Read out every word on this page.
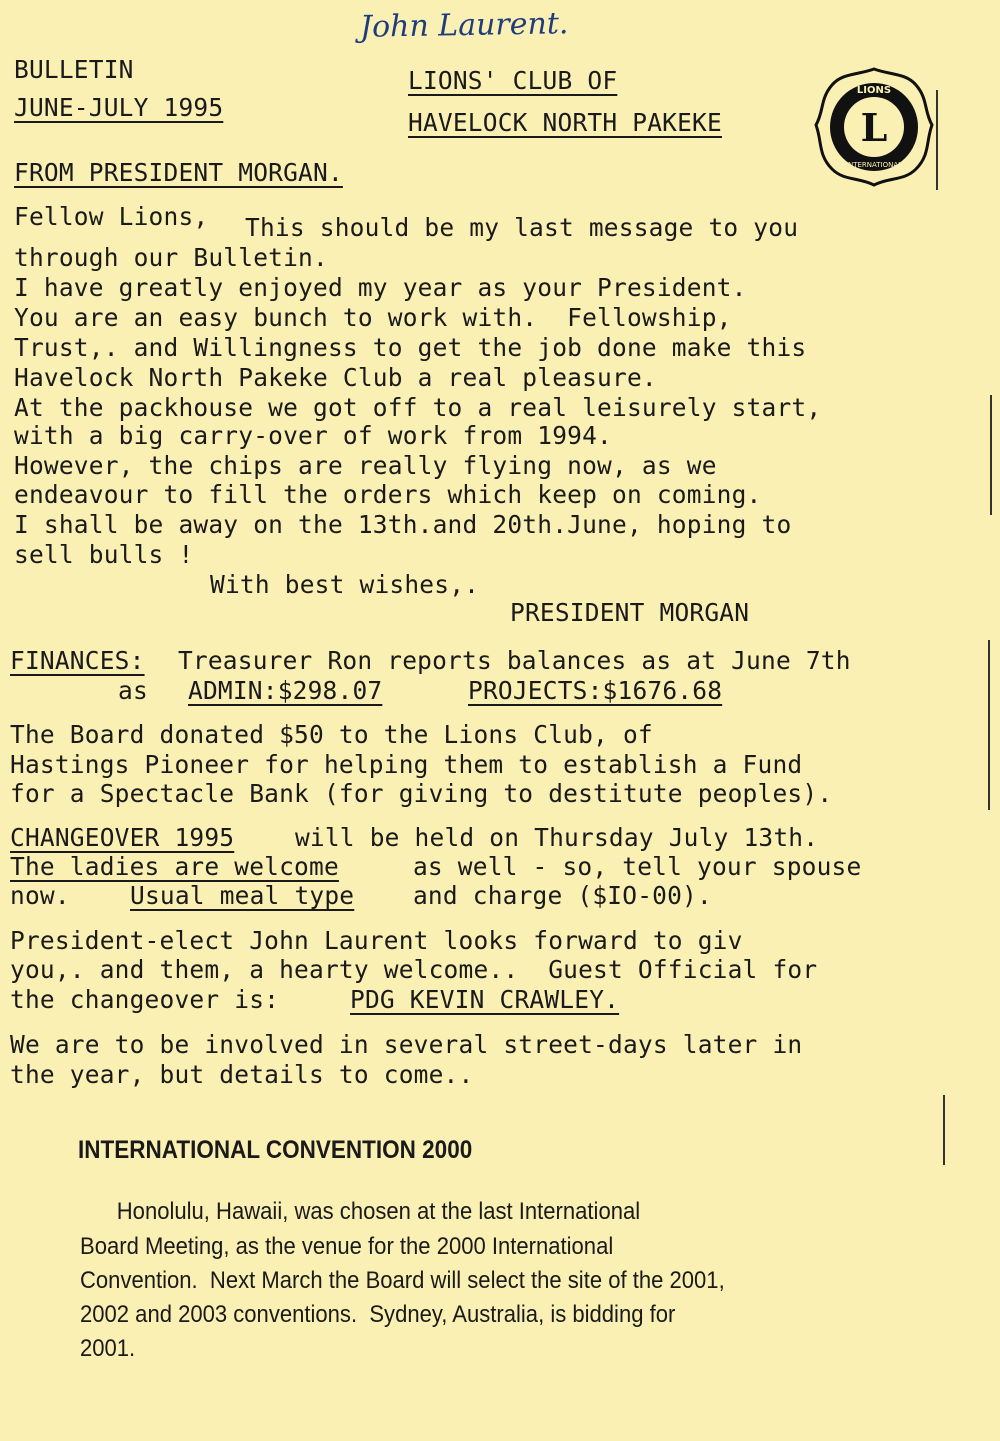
John Laurent.
BULLETIN
JUNE-JULY 1995
LIONS' CLUB OF
HAVELOCK NORTH PAKEKE	L
LIONS
INTERNATIONAL
FROM PRESIDENT MORGAN.
Fellow Lions, This should be my last message to you
through our Bulletin.
I have greatly enjoyed my year as your President.
You are an easy bunch to work with.  Fellowship,
Trust,. and Willingness to get the job done make this
Havelock North Pakeke Club a real pleasure.
At the packhouse we got off to a real leisurely start,
with a big carry-over of work from 1994.
However, the chips are really flying now, as we
endeavour to fill the orders which keep on coming.
I shall be away on the 13th.and 20th.June, hoping to
sell bulls !
With best wishes,.
PRESIDENT MORGAN
FINANCES: Treasurer Ron reports balances as at June 7th
as ADMIN:$298.07	PROJECTS:$1676.68
The Board donated $50 to the Lions Club, of
Hastings Pioneer for helping them to establish a Fund
for a Spectacle Bank (for giving to destitute peoples).
CHANGEOVER 1995 will be held on Thursday July 13th.
The ladies are welcome as well - so, tell your spouse
now. Usual meal type and charge ($IO-00).
President-elect John Laurent looks forward to giv
you,. and them, a hearty welcome..  Guest Official for
the changeover is: PDG KEVIN CRAWLEY.
We are to be involved in several street-days later in
the year, but details to come..
INTERNATIONAL CONVENTION 2000
Honolulu, Hawaii, was chosen at the last International
Board Meeting, as the venue for the 2000 International
Convention.  Next March the Board will select the site of the 2001,
2002 and 2003 conventions.  Sydney, Australia, is bidding for
2001.
